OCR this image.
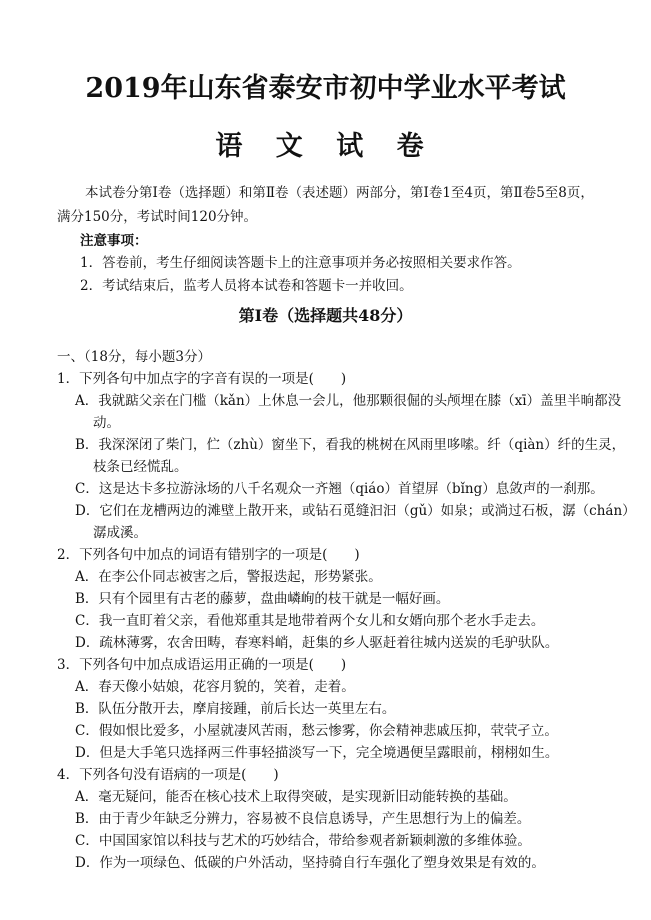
2019年山东省泰安市初中学业水平考试
语 文 试 卷
本试卷分第Ⅰ卷（选择题）和第Ⅱ卷（表述题）两部分，第Ⅰ卷1至4页，第Ⅱ卷5至8页，满分150分，考试时间120分钟。
注意事项：
1．答卷前，考生仔细阅读答题卡上的注意事项并务必按照相关要求作答。
2．考试结束后，监考人员将本试卷和答题卡一并收回。
第Ⅰ卷（选择题共48分）
一、（18分，每小题3分）
1．下列各句中加点字的字音有误的一项是(　　)
A．我就踮父亲在门槛（kǎn）上休息一会儿，他那颗很倔的头颅埋在膝（xī）盖里半晌都没
动。
B．我深深闭了柴门，伫（zhù）窗坐下，看我的桃树在风雨里哆嗦。纤（qiàn）纤的生灵，
枝条已经慌乱。
C．这是达卡多拉游泳场的八千名观众一齐翘（qiáo）首望屏（bǐng）息敛声的一刹那。
D．它们在龙槽两边的滩壁上散开来，或钻石觅缝汩汩（gǔ）如泉；或淌过石板，潺（chán）
潺成溪。
2．下列各句中加点的词语有错别字的一项是(　　)
A．在李公仆同志被害之后，警报迭起，形势紧张。
B．只有个园里有古老的藤萝，盘曲嶙峋的枝干就是一幅好画。
C．我一直盯着父亲，看他郑重其是地带着两个女儿和女婿向那个老水手走去。
D．疏林薄雾，农舍田畴，春寒料峭，赶集的乡人驱赶着往城内送炭的毛驴驮队。
3．下列各句中加点成语运用正确的一项是(　　)
A．春天像小姑娘，花容月貌的，笑着，走着。
B．队伍分散开去，摩肩接踵，前后长达一英里左右。
C．假如恨比爱多，小屋就凄风苦雨，愁云惨雾，你会精神悲戚压抑，茕茕孑立。
D．但是大手笔只选择两三件事轻描淡写一下，完全境遇便呈露眼前，栩栩如生。
4．下列各句没有语病的一项是(　　)
A．毫无疑问，能否在核心技术上取得突破，是实现新旧动能转换的基础。
B．由于青少年缺乏分辨力，容易被不良信息诱导，产生思想行为上的偏差。
C．中国国家馆以科技与艺术的巧妙结合，带给参观者新颖刺激的多维体验。
D．作为一项绿色、低碳的户外活动，坚持骑自行车强化了塑身效果是有效的。
